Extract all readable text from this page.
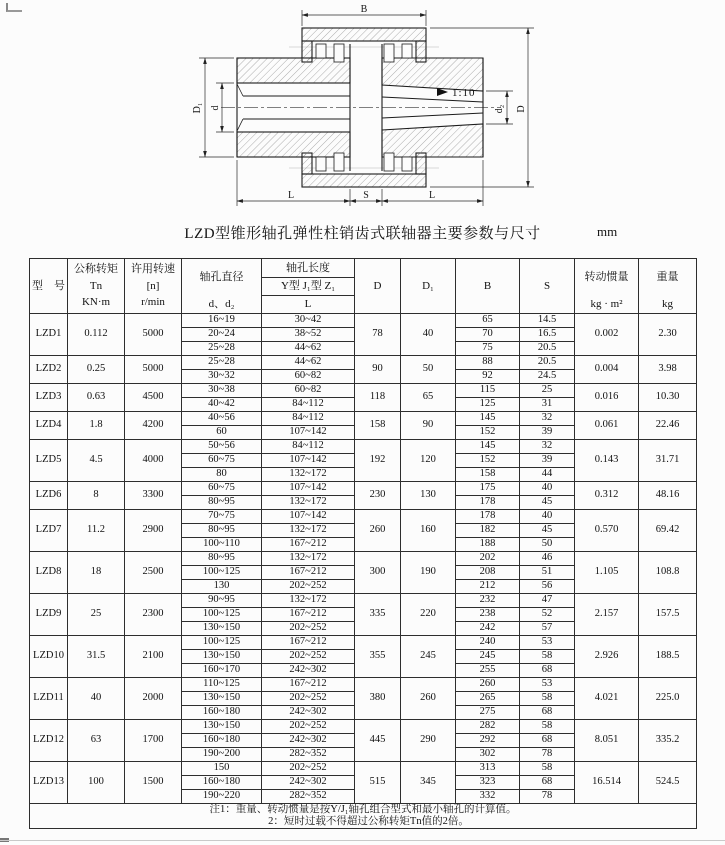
1:10
B
D
d₂
D₁ d
L	S	L
LZD型锥形轴孔弹性柱销齿式联轴器主要参数与尺寸	mm
型　号	
公称转矩
Tn
KN·m

许用转速
[n]
r/min

轴孔直径
d、d₂

轴孔长度
Y型 J₁型 Z₁
L
	D	D₁	B	S	
转动惯量
kg · m²

重量
kg

LZD1	0.112	5000	16~19	30~42	78	40	65	14.5	0.002	2.30
			20~24	38~52			70	16.5		
			25~28	44~62			75	20.5		
LZD2	0.25	5000	25~28	44~62	90	50	88	20.5	0.004	3.98
			30~32	60~82			92	24.5		
LZD3	0.63	4500	30~38	60~82	118	65	115	25	0.016	10.30
			40~42	84~112			125	31		
LZD4	1.8	4200	40~56	84~112	158	90	145	32	0.061	22.46
			60	107~142			152	39		
LZD5	4.5	4000	50~56	84~112	192	120	145	32	0.143	31.71
			60~75	107~142			152	39		
			80	132~172			158	44		
LZD6	8	3300	60~75	107~142	230	130	175	40	0.312	48.16
			80~95	132~172			178	45		
LZD7	11.2	2900	70~75	107~142	260	160	178	40	0.570	69.42
			80~95	132~172			182	45		
			100~110	167~212			188	50		
LZD8	18	2500	80~95	132~172	300	190	202	46	1.105	108.8
			100~125	167~212			208	51		
			130	202~252			212	56		
LZD9	25	2300	90~95	132~172	335	220	232	47	2.157	157.5
			100~125	167~212			238	52		
			130~150	202~252			242	57		
LZD10	31.5	2100	100~125	167~212	355	245	240	53	2.926	188.5
			130~150	202~252			245	58		
			160~170	242~302			255	68		
LZD11	40	2000	110~125	167~212	380	260	260	53	4.021	225.0
			130~150	202~252			265	58		
			160~180	242~302			275	68		
LZD12	63	1700	130~150	202~252	445	290	282	58	8.051	335.2
			160~180	242~302			292	68		
			190~200	282~352			302	78		
LZD13	100	1500	150	202~252	515	345	313	58	16.514	524.5
			160~180	242~302			323	68		
			190~220	282~352			332	78		

注1：重量、转动惯量是按Y/J₁轴孔组合型式和最小轴孔的计算值。
2：短时过载不得超过公称转矩Tn值的2倍。										
